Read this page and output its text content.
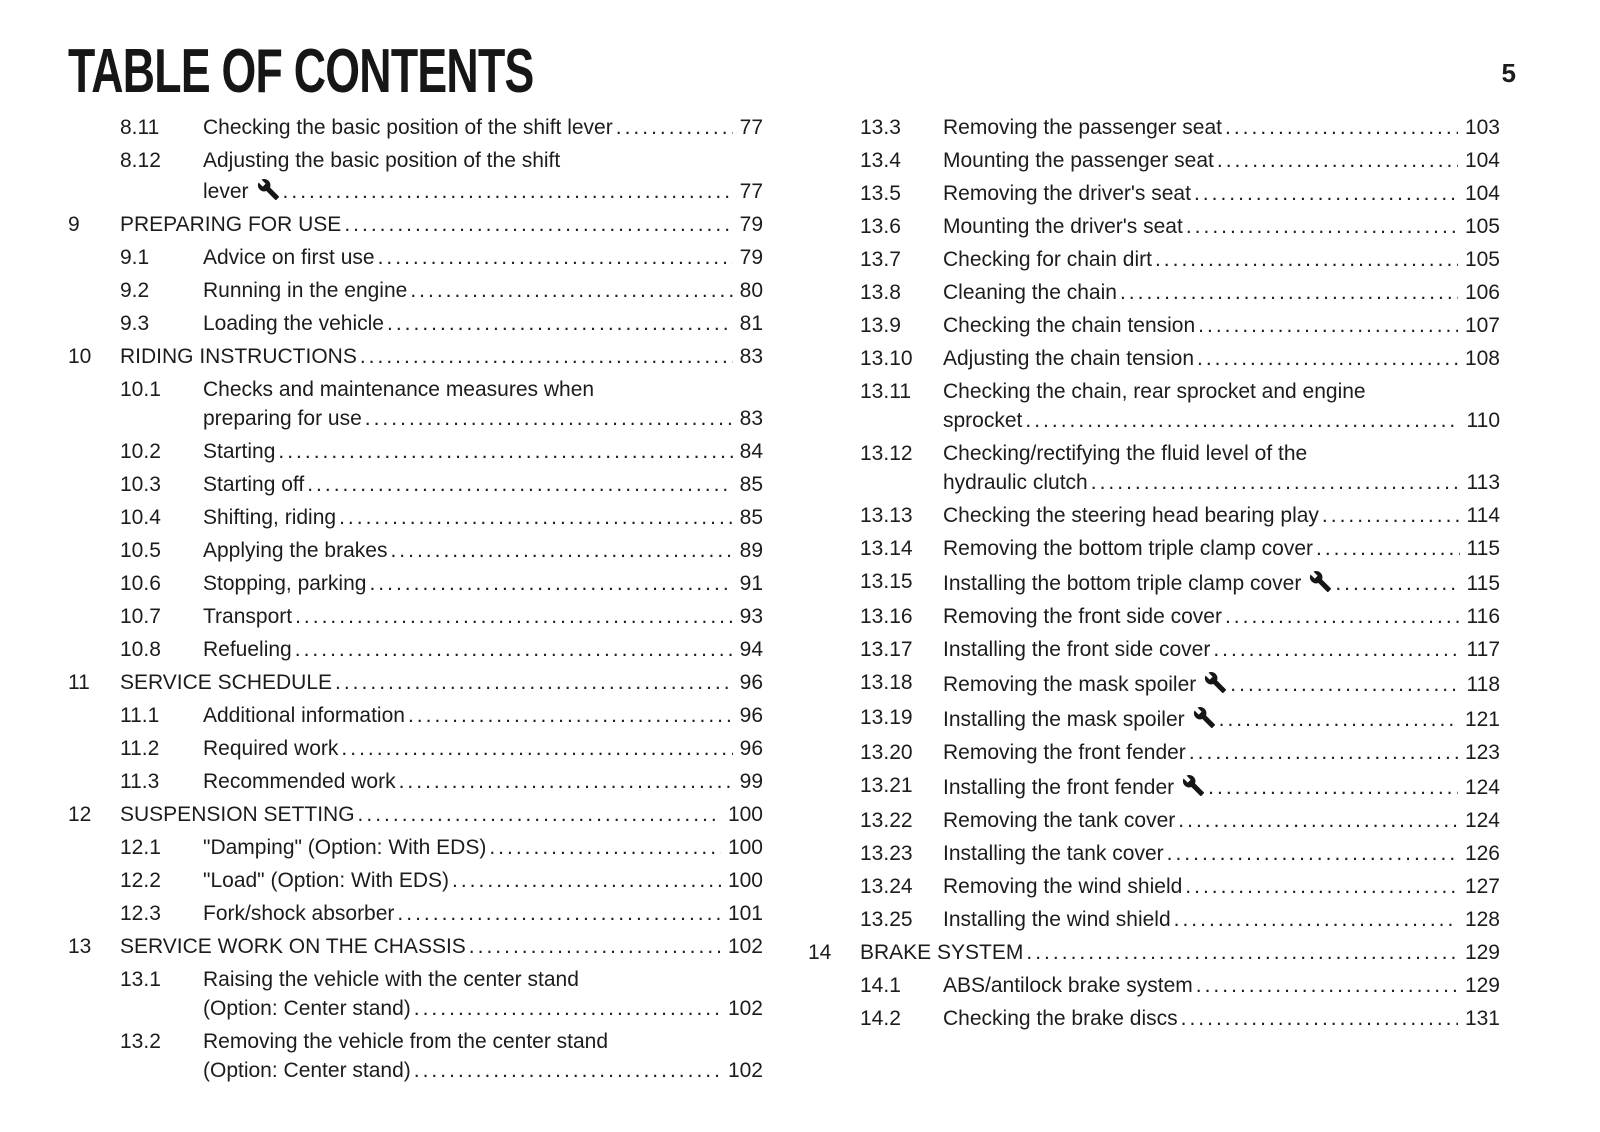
TABLE OF CONTENTS	5
8.11	Checking the basic position of the shift lever .....	77
8.12	Adjusting the basic position of the shift
lever .....	77
9	PREPARING FOR USE .....	79
9.1	Advice on first use .....	79
9.2	Running in the engine .....	80
9.3	Loading the vehicle .....	81
10	RIDING INSTRUCTIONS .....	83
10.1	Checks and maintenance measures when
preparing for use .....	83
10.2	Starting .....	84
10.3	Starting off .....	85
10.4	Shifting, riding .....	85
10.5	Applying the brakes .....	89
10.6	Stopping, parking .....	91
10.7	Transport .....	93
10.8	Refueling .....	94
11	SERVICE SCHEDULE .....	96
11.1	Additional information .....	96
11.2	Required work .....	96
11.3	Recommended work .....	99
12	SUSPENSION SETTING .....	100
12.1	"Damping" (Option: With EDS) .....	100
12.2	"Load" (Option: With EDS) .....	100
12.3	Fork/shock absorber .....	101
13	SERVICE WORK ON THE CHASSIS .....	102
13.1	Raising the vehicle with the center stand
(Option: Center stand) .....	102
13.2	Removing the vehicle from the center stand
(Option: Center stand) .....	102
13.3	Removing the passenger seat .....	103
13.4	Mounting the passenger seat .....	104
13.5	Removing the driver's seat .....	104
13.6	Mounting the driver's seat .....	105
13.7	Checking for chain dirt .....	105
13.8	Cleaning the chain .....	106
13.9	Checking the chain tension .....	107
13.10	Adjusting the chain tension .....	108
13.11	Checking the chain, rear sprocket and engine
sprocket .....	110
13.12	Checking/rectifying the fluid level of the
hydraulic clutch .....	113
13.13	Checking the steering head bearing play .....	114
13.14	Removing the bottom triple clamp cover .....	115
13.15	Installing the bottom triple clamp cover .....	115
13.16	Removing the front side cover .....	116
13.17	Installing the front side cover .....	117
13.18	Removing the mask spoiler .....	118
13.19	Installing the mask spoiler .....	121
13.20	Removing the front fender .....	123
13.21	Installing the front fender .....	124
13.22	Removing the tank cover .....	124
13.23	Installing the tank cover .....	126
13.24	Removing the wind shield .....	127
13.25	Installing the wind shield .....	128
14	BRAKE SYSTEM .....	129
14.1	ABS/antilock brake system .....	129
14.2	Checking the brake discs .....	131
